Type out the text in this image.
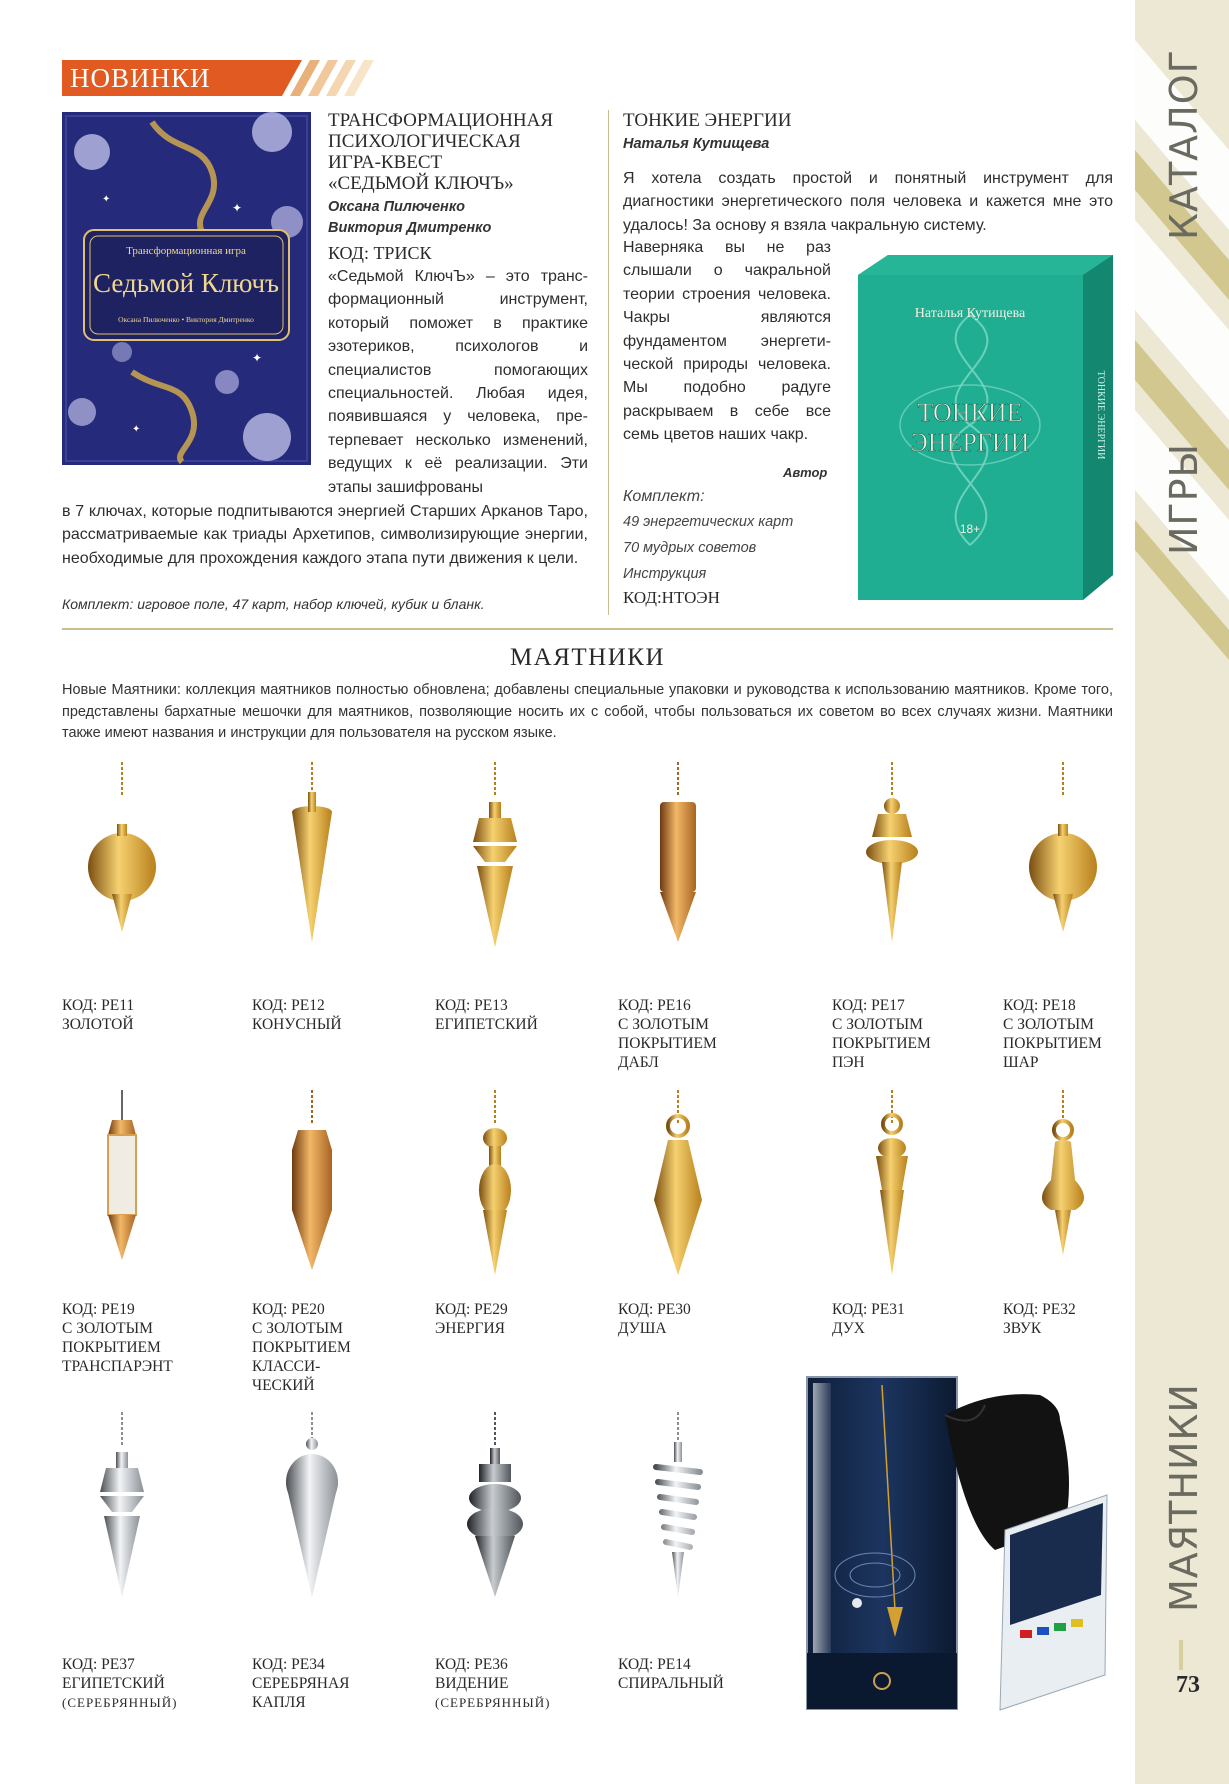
КАТАЛОГ
ИГРЫ
МАЯТНИКИ
73
НОВИНКИ
Трансформационная игра
Седьмой Ключъ
Оксана Пилюченко • Виктория Дмитренко
✦
✦
✦
✦
ТРАНСФОРМАЦИОННАЯ
ПСИХОЛОГИЧЕСКАЯ
ИГРА-КВЕСТ
«СЕДЬМОЙ КЛЮЧЪ»
Оксана Пилюченко
Виктория Дмитренко
КОД: ТРИСК
«Седьмой КлючЪ» – это трансформационный инструмент, который поможет в практике эзотериков, психологов и специалистов помогающих специальностей. Любая идея, появившаяся у человека, претерпевает несколько изменений, ведущих к её реализации. Эти этапы зашифрованы
в 7 ключах, которые подпитываются энергией Старших Арканов Таро, рассматриваемые как триады Архетипов, символизирующие энергии, необходимые для прохождения каждого этапа пути движения к цели.
Комплект: игровое поле, 47 карт, набор ключей, кубик и бланк.
ТОНКИЕ ЭНЕРГИИ
Наталья Кутищева
Я хотела создать простой и понятный инструмент для диагностики энергетического поля человека и кажется мне это удалось! За основу я взяла чакральную систему.
Наверняка вы не раз слышали о чакральной теории строения человека. Чакры являются фундаментом энергетической природы человека. Мы подобно радуге раскрываем в себе все семь цветов наших чакр.
Автор
Комплект:
49 энергетических карт
70 мудрых советов
Инструкция
КОД:НТОЭН
Наталья Кутищева
ТОНКИЕ
ЭНЕРГИИ
18+
ТОНКИЕ ЭНЕРГИИ
МАЯТНИКИ
Новые Маятники: коллекция маятников полностью обновлена; добавлены специальные упаковки и руководства к использованию маятников. Кроме того, представлены бархатные мешочки для маятников, позволяющие носить их с собой, чтобы пользоваться их советом во всех случаях жизни. Маятники также имеют названия и инструкции для пользователя на русском языке.
КОД: PE11
ЗОЛОТОЙ
КОД: PE12
КОНУСНЫЙ
КОД: PE13
ЕГИПЕТСКИЙ
КОД: PE16
С ЗОЛОТЫМ
ПОКРЫТИЕМ
ДАБЛ
КОД: PE17
С ЗОЛОТЫМ
ПОКРЫТИЕМ
ПЭН
КОД: PE18
С ЗОЛОТЫМ
ПОКРЫТИЕМ
ШАР
КОД: PE19
С ЗОЛОТЫМ
ПОКРЫТИЕМ
ТРАНСПАРЭНТ
КОД: PE20
С ЗОЛОТЫМ
ПОКРЫТИЕМ
КЛАССИ-
ЧЕСКИЙ
КОД: PE29
ЭНЕРГИЯ
КОД: PE30
ДУША
КОД: PE31
ДУХ
КОД: PE32
ЗВУК
КОД: PE37
ЕГИПЕТСКИЙ
(СЕРЕБРЯННЫЙ)
КОД: PE34
СЕРЕБРЯНАЯ
КАПЛЯ
КОД: PE36
ВИДЕНИЕ
(СЕРЕБРЯННЫЙ)
КОД: PE14
СПИРАЛЬНЫЙ
